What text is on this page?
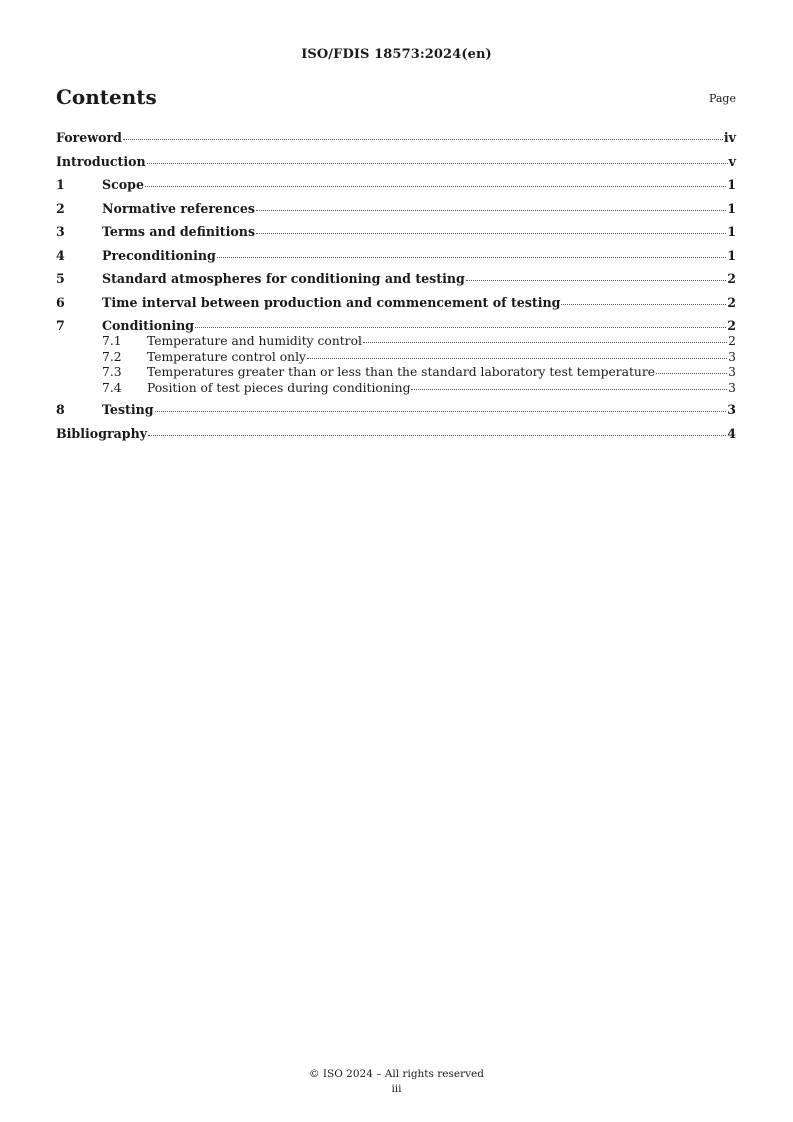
ISO/FDIS 18573:2024(en)
Contents	Page
Foreword	iv
Introduction	v
1	Scope	1
2	Normative references	1
3	Terms and definitions	1
4	Preconditioning	1
5	Standard atmospheres for conditioning and testing	2
6	Time interval between production and commencement of testing	2
7	Conditioning	2
7.1	Temperature and humidity control	2
7.2	Temperature control only	3
7.3	Temperatures greater than or less than the standard laboratory test temperature	3
7.4	Position of test pieces during conditioning	3
8	Testing	3
Bibliography	4
© ISO 2024 – All rights reserved
iii
